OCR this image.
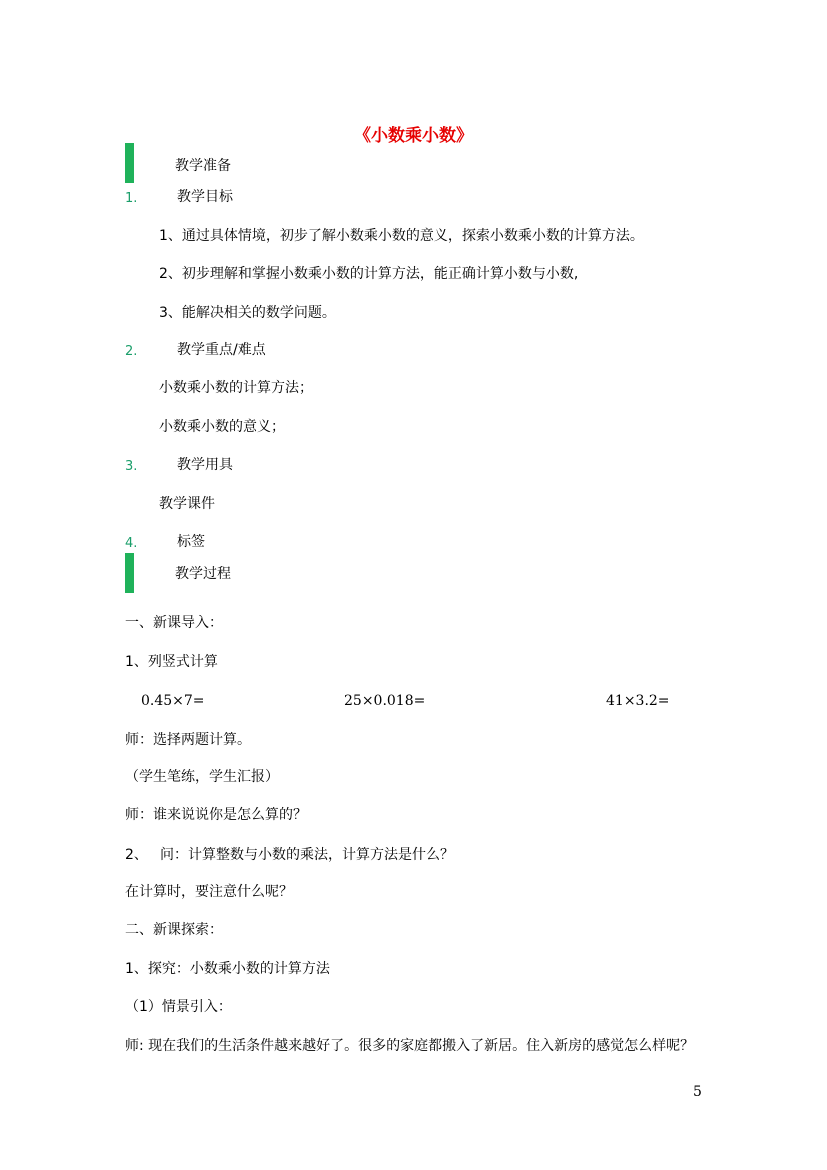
《小数乘小数》
教学准备
1.	教学目标
1、通过具体情境，初步了解小数乘小数的意义，探索小数乘小数的计算方法。
2、初步理解和掌握小数乘小数的计算方法，能正确计算小数与小数,
3、能解决相关的数学问题。
2.	教学重点/难点
小数乘小数的计算方法；
小数乘小数的意义；
3.	教学用具
教学课件
4.	标签
教学过程
一、新课导入：
1、列竖式计算
0.45×7=	25×0.018=	41×3.2=
师：选择两题计算。
（学生笔练，学生汇报）
师：谁来说说你是怎么算的？
2、 问：计算整数与小数的乘法，计算方法是什么？
在计算时，要注意什么呢？
二、新课探索：
1、探究：小数乘小数的计算方法
（1）情景引入：
师: 现在我们的生活条件越来越好了。很多的家庭都搬入了新居。住入新房的感觉怎么样呢？
5
